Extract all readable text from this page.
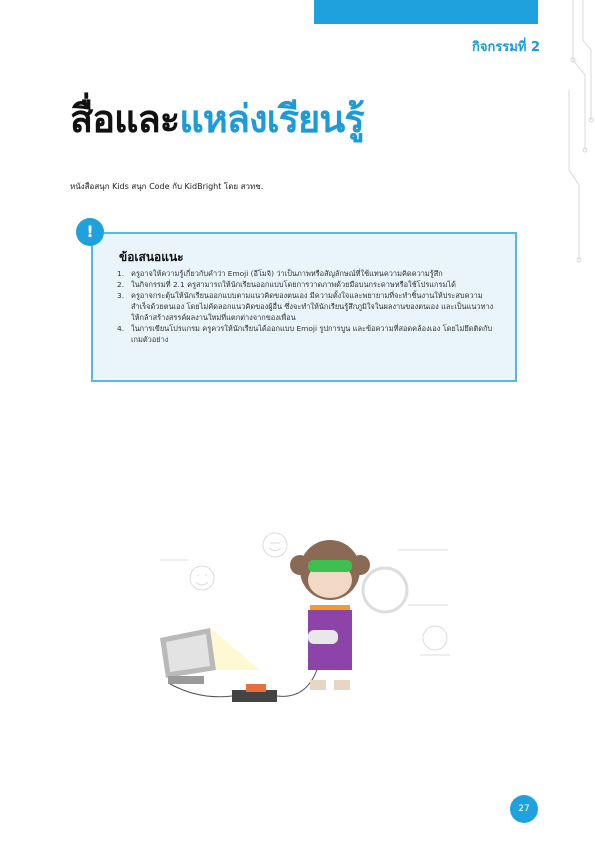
กิจกรรมที่ 2
สื่อและแหล่งเรียนรู้
หนังสือสนุก Kids สนุก Code กับ KidBright โดย สวทช.
ข้อเสนอแนะ
1. ครูอาจให้ความรู้เกี่ยวกับคำว่า Emoji (อีโมจิ) ว่าเป็นภาพหรือสัญลักษณ์ที่ใช้แทนความคิดความรู้สึก
2. ในกิจกรรมที่ 2.1 ครูสามารถให้นักเรียนออกแบบโดยการวาดภาพด้วยมือบนกระดาษหรือใช้โปรแกรมได้
3. ครูอาจกระตุ้นให้นักเรียนออกแบบตามแนวคิดของตนเอง มีความตั้งใจและพยายามที่จะทำชิ้นงานให้ประสบความสำเร็จด้วยตนเอง โดยไม่คัดลอกแนวคิดของผู้อื่น ซึ่งจะทำให้นักเรียนรู้สึกภูมิใจในผลงานของตนเอง และเป็นแนวทางให้กล้าสร้างสรรค์ผลงานใหม่ที่แตกต่างจากของเพื่อน
4. ในการเขียนโปรแกรม ครูควรให้นักเรียนได้ออกแบบ Emoji รูปการบูน และข้อความที่สอดคล้องเอง โดยไม่ยึดติดกับเกมตัวอย่าง
!
27
